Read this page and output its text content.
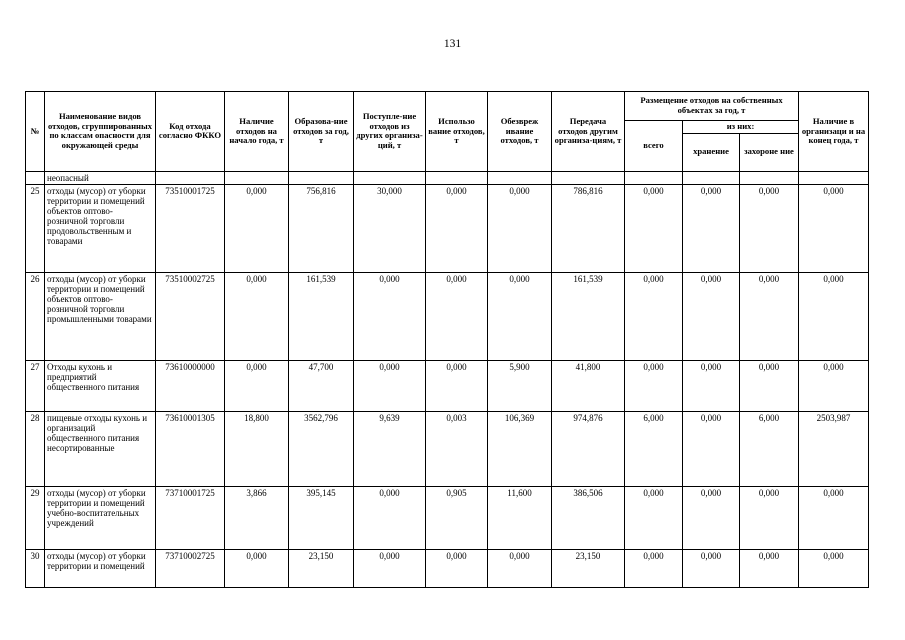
131
№	Наименование видов отходов, сгруппированных по классам опасности для окружающей среды	Код отхода согласно ФККО	Наличие отходов на начало года, т	Образова-ние отходов за год, т	Поступле-ние отходов из других организа-ций, т	Использо вание отходов, т	Обезвреж ивание отходов, т	Передача отходов другим организа-циям, т	Размещение отходов на собственных объектах за год, т			Наличие в организаци и на конец года, т
									всего	из них:		
										хранение	захороне ние	
	неопасный											
25	отходы (мусор) от уборки территории и помещений объектов оптово-розничной торговли продовольственным и товарами	73510001725	0,000	756,816	30,000	0,000	0,000	786,816	0,000	0,000	0,000	0,000
26	отходы (мусор) от уборки территории и помещений объектов оптово-розничной торговли промышленными товарами	73510002725	0,000	161,539	0,000	0,000	0,000	161,539	0,000	0,000	0,000	0,000
27	Отходы кухонь и предприятий общественного питания	73610000000	0,000	47,700	0,000	0,000	5,900	41,800	0,000	0,000	0,000	0,000
28	пищевые отходы кухонь и организаций общественного питания несортированные	73610001305	18,800	3562,796	9,639	0,003	106,369	974,876	6,000	0,000	6,000	2503,987
29	отходы (мусор) от уборки территории и помещений учебно-воспитательных учреждений	73710001725	3,866	395,145	0,000	0,905	11,600	386,506	0,000	0,000	0,000	0,000
30	отходы (мусор) от уборки территории и помещений	73710002725	0,000	23,150	0,000	0,000	0,000	23,150	0,000	0,000	0,000	0,000
